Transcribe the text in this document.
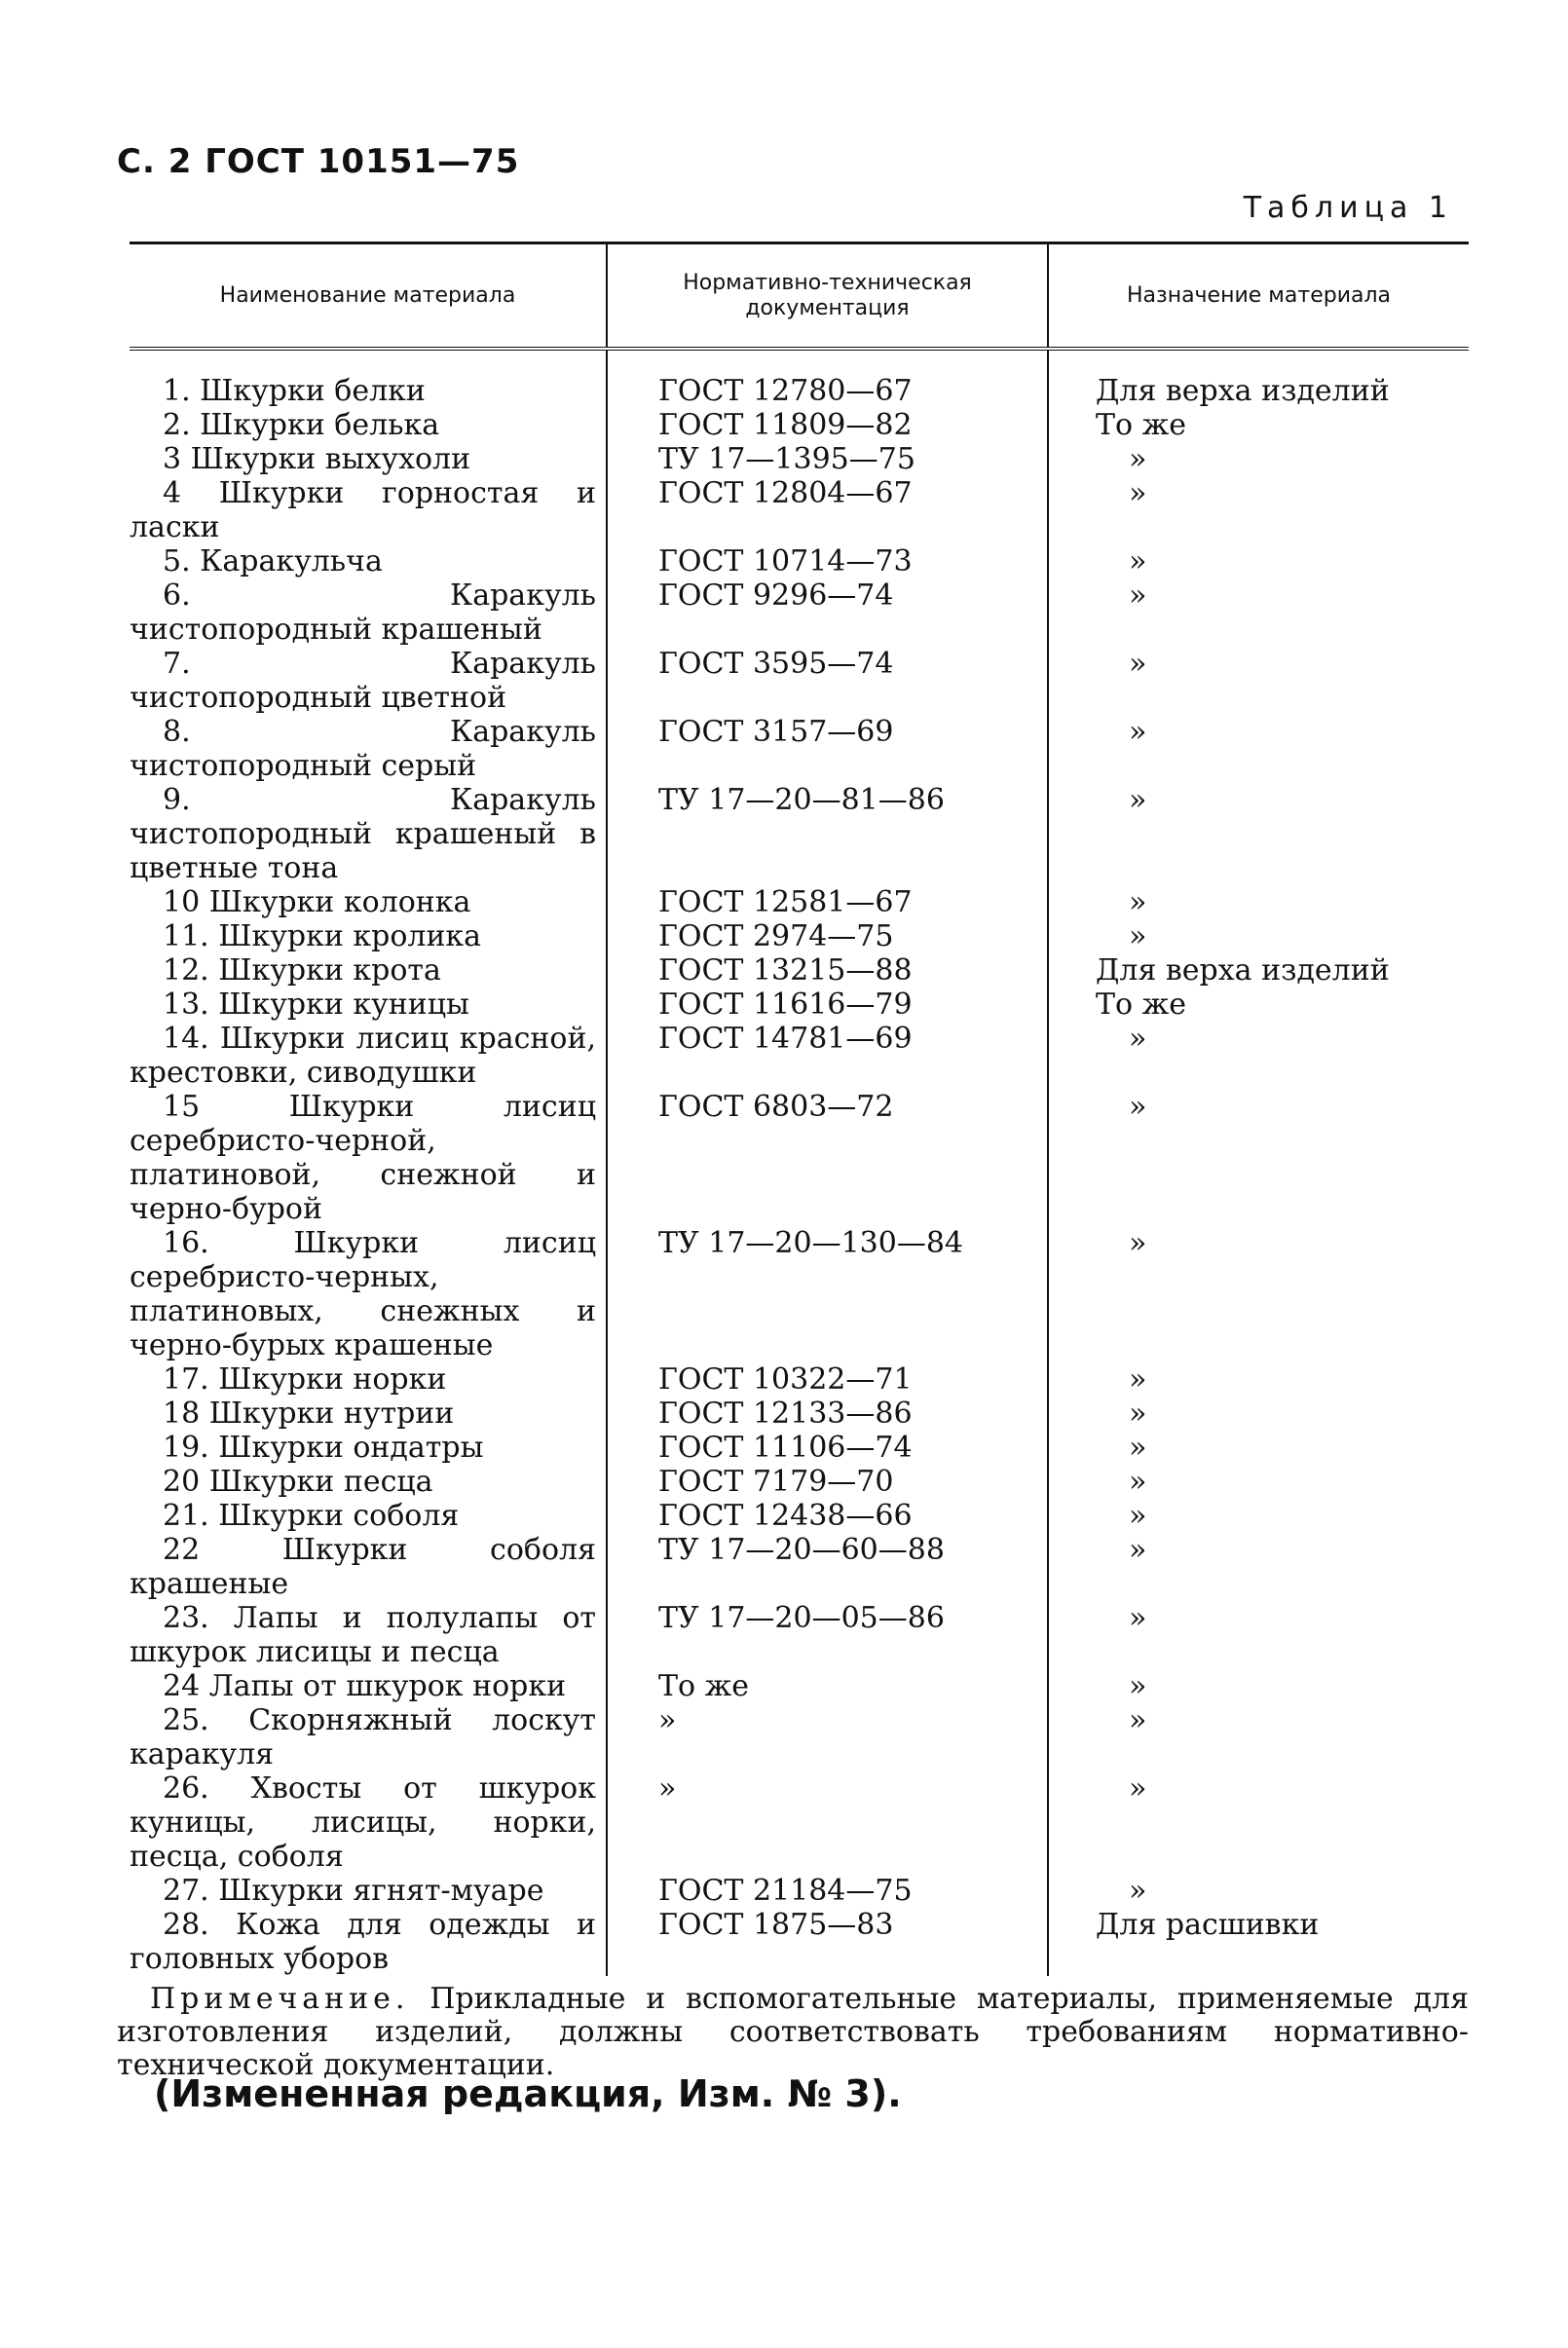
С. 2 ГОСТ 10151—75
Таблица 1
Наименование материала	Нормативно-техническая документация	Назначение материала
1. Шкурки белки	ГОСТ 12780—67	Для верха изделий
2. Шкурки белька	ГОСТ 11809—82	То же
3 Шкурки выхухоли	ТУ 17—1395—75	»
4 Шкурки горностая и ласки	ГОСТ 12804—67	»
5. Каракульча	ГОСТ 10714—73	»
6. Каракуль чистопородный крашеный	ГОСТ 9296—74	»
7. Каракуль чистопородный цветной	ГОСТ 3595—74	»
8. Каракуль чистопородный серый	ГОСТ 3157—69	»
9. Каракуль чистопородный крашеный в цветные тона	ТУ 17—20—81—86	»
10 Шкурки колонка	ГОСТ 12581—67	»
11. Шкурки кролика	ГОСТ 2974—75	»
12. Шкурки крота	ГОСТ 13215—88	Для верха изделий
13. Шкурки куницы	ГОСТ 11616—79	То же
14. Шкурки лисиц красной, крестовки, сиводушки	ГОСТ 14781—69	»
15 Шкурки лисиц серебристо-черной, платиновой, снежной и черно-бурой	ГОСТ 6803—72	»
16. Шкурки лисиц серебристо-черных, платиновых, снежных и черно-бурых крашеные	ТУ 17—20—130—84	»
17. Шкурки норки	ГОСТ 10322—71	»
18 Шкурки нутрии	ГОСТ 12133—86	»
19. Шкурки ондатры	ГОСТ 11106—74	»
20 Шкурки песца	ГОСТ 7179—70	»
21. Шкурки соболя	ГОСТ 12438—66	»
22 Шкурки соболя крашеные	ТУ 17—20—60—88	»
23. Лапы и полулапы от шкурок лисицы и песца	ТУ 17—20—05—86	»
24 Лапы от шкурок норки	То же	»
25. Скорняжный лоскут каракуля	»	»
26. Хвосты от шкурок куницы, лисицы, норки, песца, соболя	»	»
27. Шкурки ягнят-муаре	ГОСТ 21184—75	»
28. Кожа для одежды и головных уборов	ГОСТ 1875—83	Для расшивки
Примечание. Прикладные и вспомогательные материалы, применяемые для изготовления изделий, должны соответствовать требованиям нормативно-технической документации.
(Измененная редакция, Изм. № 3).
